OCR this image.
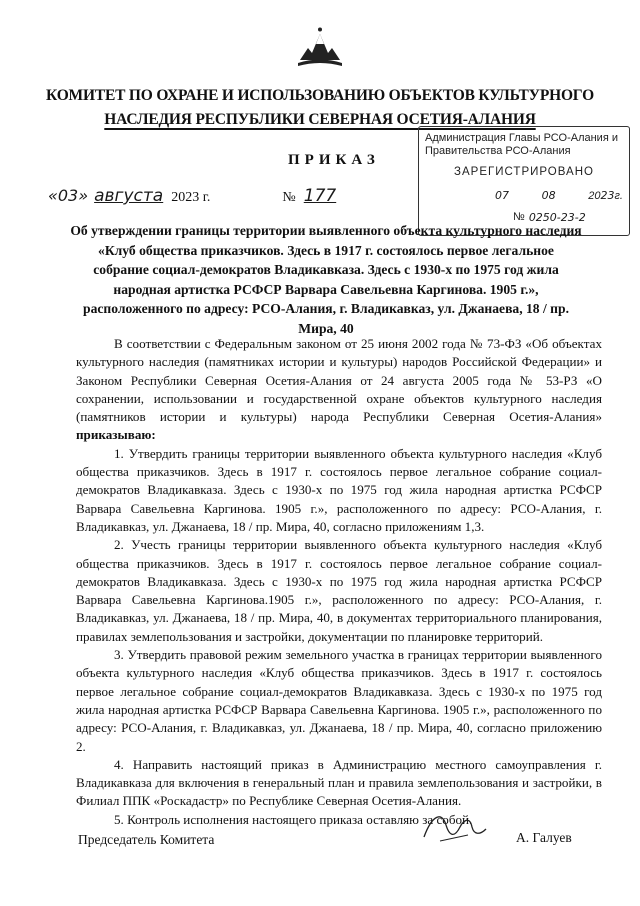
КОМИТЕТ ПО ОХРАНЕ И ИСПОЛЬЗОВАНИЮ ОБЪЕКТОВ КУЛЬТУРНОГО
НАСЛЕДИЯ РЕСПУБЛИКИ СЕВЕРНАЯ ОСЕТИЯ-АЛАНИЯ
ПРИКАЗ
Администрация Главы РСО-Алания и
Правительства РСО-Алания
ЗАРЕГИСТРИРОВАНО
07	08	2023г.
№ 0250-23-2
«03» августа 2023 г.	№ 177
Об утверждении границы территории выявленного объекта культурного наследия «Клуб общества приказчиков. Здесь в 1917 г. состоялось первое легальное собрание социал-демократов Владикавказа. Здесь с 1930-х по 1975 год жила народная артистка РСФСР Варвара Савельевна Каргинова. 1905 г.», расположенного по адресу: РСО-Алания, г. Владикавказ, ул. Джанаева, 18 / пр. Мира, 40

В соответствии с Федеральным законом от 25 июня 2002 года № 73-ФЗ «Об объектах культурного наследия (памятниках истории и культуры) народов Российской Федерации» и Законом Республики Северная Осетия-Алания от 24 августа 2005 года № 53-РЗ «О сохранении, использовании и государственной охране объектов культурного наследия (памятников истории и культуры) народа Республики Северная Осетия-Алания» приказываю:

1. Утвердить границы территории выявленного объекта культурного наследия «Клуб общества приказчиков. Здесь в 1917 г. состоялось первое легальное собрание социал-демократов Владикавказа. Здесь с 1930-х по 1975 год жила народная артистка РСФСР Варвара Савельевна Каргинова. 1905 г.», расположенного по адресу: РСО-Алания, г. Владикавказ, ул. Джанаева, 18 / пр. Мира, 40, согласно приложениям 1,3.

2. Учесть границы территории выявленного объекта культурного наследия «Клуб общества приказчиков. Здесь в 1917 г. состоялось первое легальное собрание социал-демократов Владикавказа. Здесь с 1930-х по 1975 год жила народная артистка РСФСР Варвара Савельевна Каргинова.1905 г.», расположенного по адресу: РСО-Алания, г. Владикавказ, ул. Джанаева, 18 / пр. Мира, 40, в документах территориального планирования, правилах землепользования и застройки, документации по планировке территорий.

3. Утвердить правовой режим земельного участка в границах территории выявленного объекта культурного наследия «Клуб общества приказчиков. Здесь в 1917 г. состоялось первое легальное собрание социал-демократов Владикавказа. Здесь с 1930-х по 1975 год жила народная артистка РСФСР Варвара Савельевна Каргинова. 1905 г.», расположенного по адресу: РСО-Алания, г. Владикавказ, ул. Джанаева, 18 / пр. Мира, 40, согласно приложению 2.

4. Направить настоящий приказ в Администрацию местного самоуправления г. Владикавказа для включения в генеральный план и правила землепользования и застройки, в Филиал ППК «Роскадастр» по Республике Северная Осетия-Алания.

5. Контроль исполнения настоящего приказа оставляю за собой.

Председатель Комитета	А. Галуев
